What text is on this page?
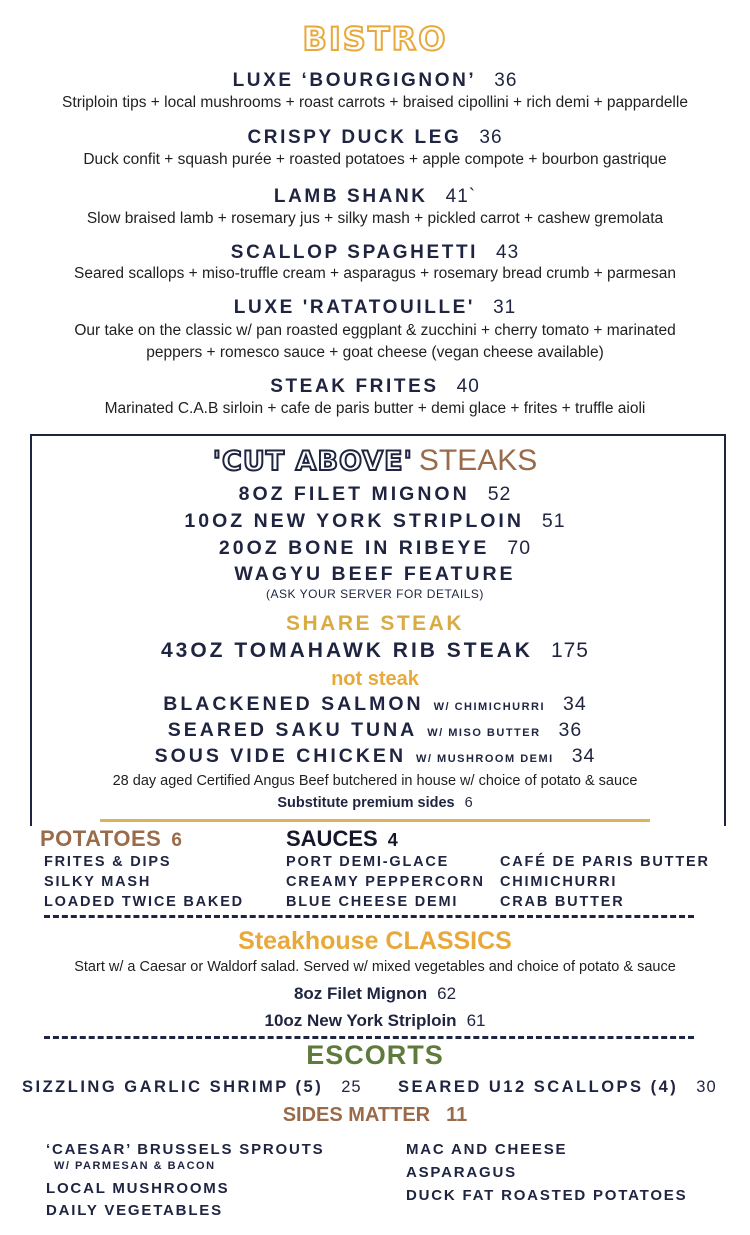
BISTRO
LUXE ‘BOURGIGNON’ 36
Striploin tips + local mushrooms + roast carrots + braised cipollini + rich demi + pappardelle
CRISPY DUCK LEG 36
Duck confit + squash purée + roasted potatoes + apple compote + bourbon gastrique
LAMB SHANK 41`
Slow braised lamb + rosemary jus + silky mash + pickled carrot + cashew gremolata
SCALLOP SPAGHETTI 43
Seared scallops + miso-truffle cream + asparagus + rosemary bread crumb + parmesan
LUXE 'RATATOUILLE' 31
Our take on the classic w/ pan roasted eggplant & zucchini + cherry tomato + marinated
peppers + romesco sauce + goat cheese (vegan cheese available)
STEAK FRITES 40
Marinated C.A.B sirloin + cafe de paris butter + demi glace + frites + truffle aioli
'CUT ABOVE' STEAKS
8OZ FILET MIGNON 52
10OZ NEW YORK STRIPLOIN 51
20OZ BONE IN RIBEYE 70
WAGYU BEEF FEATURE
(ASK YOUR SERVER FOR DETAILS)
SHARE STEAK
43OZ TOMAHAWK RIB STEAK 175
not steak
BLACKENED SALMON W/ CHIMICHURRI 34
SEARED SAKU TUNA W/ MISO BUTTER 36
SOUS VIDE CHICKEN W/ MUSHROOM DEMI 34
28 day aged Certified Angus Beef butchered in house w/ choice of potato & sauce
Substitute premium sides 6
POTATOES 6
FRITES & DIPS
SILKY MASH
LOADED TWICE BAKED
SAUCES 4
PORT DEMI-GLACE
CREAMY PEPPERCORN
BLUE CHEESE DEMI
CAFÉ DE PARIS BUTTER
CHIMICHURRI
CRAB BUTTER
Steakhouse CLASSICS
Start w/ a Caesar or Waldorf salad. Served w/ mixed vegetables and choice of potato & sauce
8oz Filet Mignon 62
10oz New York Striploin 61
ESCORTS
SIZZLING GARLIC SHRIMP (5) 25 SEARED U12 SCALLOPS (4) 30
SIDES MATTER 11
‘CAESAR’ BRUSSELS SPROUTS
W/ PARMESAN & BACON
LOCAL MUSHROOMS
DAILY VEGETABLES
MAC AND CHEESE
ASPARAGUS
DUCK FAT ROASTED POTATOES
